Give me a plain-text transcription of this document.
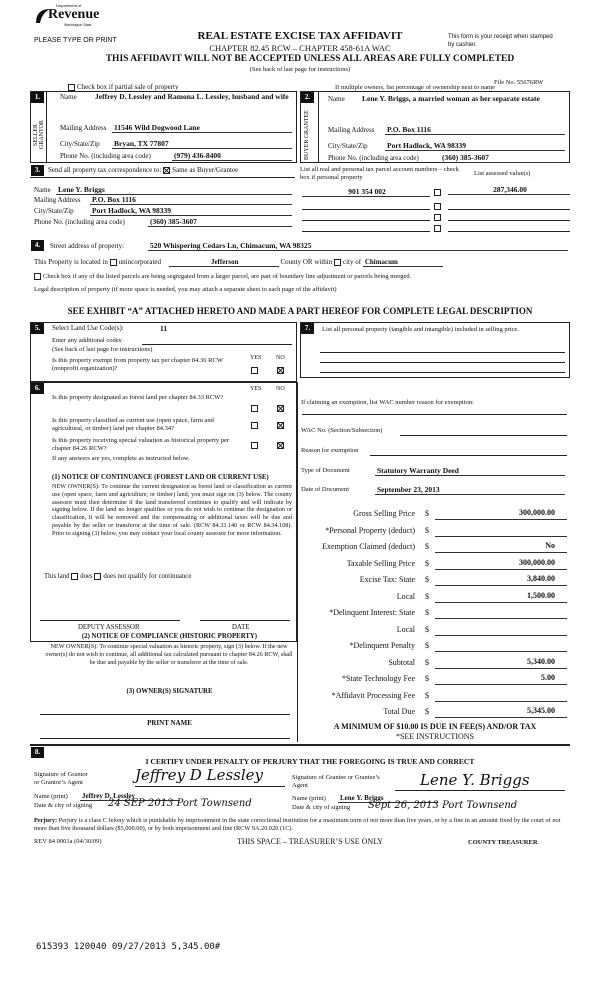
Department of
Revenue
Washington State
PLEASE TYPE OR PRINT	REAL ESTATE EXCISE TAX AFFIDAVIT
CHAPTER 82.45 RCW – CHAPTER 458-61A WAC
THIS AFFIDAVIT WILL NOT BE ACCEPTED UNLESS ALL AREAS ARE FULLY COMPLETED
(See back of last page for instructions)
This form is your receipt when stamped by cashier.
Check box if partial sale of property	If multiple owners, list percentage of ownership next to name
File No. 55676RW
1.
SELLER GRANTOR
Name Jeffrey D. Lessley and Ramona L. Lessley, husband and wife
Mailing Address 11546 Wild Dogwood Lane
City/State/Zip Bryan, TX 77807
Phone No. (including area code)	(979) 436-8400
2.
BUYER GRANTEE
Name Lene Y. Briggs, a married woman as her separate estate
Mailing Address P.O. Box 1116
City/State/Zip	Port Hadlock, WA 98339
Phone No. (including area code)	(360) 385-3607
3.	Send all property tax correspondence to: Same as Buyer/Grantee
Name Lene Y. Briggs
Mailing Address P.O. Box 1116
City/State/Zip Port Hadlock, WA 98339
Phone No. (including area code)	(360) 385-3607
List all real and personal tax parcel account numbers – check box if personal property
List assessed value(s)
901 354 002	287,346.00
4.	Street address of property:	520 Whispering Cedars Ln, Chimacum, WA 98325
This Property is located in unincorporated	Jefferson	County OR within city of Chimacum
Check box if any of the listed parcels are being segregated from a larger parcel, are part of boundary line adjustment or parcels being merged.
Legal description of property (if more space is needed, you may attach a separate sheet to each page of the affidavit)
SEE EXHIBIT “A” ATTACHED HERETO AND MADE A PART HEREOF FOR COMPLETE LEGAL DESCRIPTION
5.	Select Land Use Code(s):	11
Enter any additional codes:
(See back of last page for instructions)
Is this property exempt from property tax per chapter 84.36 RCW (nonprofit organization)?
YES NO
7.	List all personal property (tangible and intangible) included in selling price.
6.	YES NO
Is this property designated as forest land per chapter 84.33 RCW?
Is this property classified as current use (open space, farm and agricultural, or timber) land per chapter 84.34?
Is this property receiving special valuation as historical property per chapter 84.26 RCW?
If any answers are yes, complete as instructed below.
(1) NOTICE OF CONTINUANCE (FOREST LAND OR CURRENT USE)
NEW OWNER(S): To continue the current designation as forest land or classification as current use (open space, farm and agriculture, or timber) land, you must sign on (3) below. The county assessor must then determine if the land transferred continues to qualify and will indicate by signing below. If the land no longer qualifies or you do not wish to continue the designation or classification, it will be removed and the compensating or additional taxes will be due and payable by the seller or transferor at the time of sale. (RCW 84.33.140 or RCW 84.34.108). Prior to signing (3) below, you may contact your local county assessor for more information.
This land does does not qualify for continuance
DEPUTY ASSESSOR	DATE
(2) NOTICE OF COMPLIANCE (HISTORIC PROPERTY)
NEW OWNER(S): To continue special valuation as historic property, sign (3) below. If the new owner(s) do not wish to continue, all additional tax calculated pursuant to chapter 84.26 RCW, shall be due and payable by the seller or transferor at the time of sale.
(3) OWNER(S) SIGNATURE
PRINT NAME
If claiming an exemption, list WAC number reason for exemption:
WAC No. (Section/Subsection)
Reason for exemption
Type of Document	Statutory Warranty Deed
Date of Document	September 23, 2013
Gross Selling Price $	300,000.00
*Personal Property (deduct) $
Exemption Claimed (deduct) $	No
Taxable Selling Price $	300,000.00
Excise Tax: State $	3,840.00
Local $	1,500.00
*Delinquent Interest: State $
Local $
*Delinquent Penalty $
Subtotal $	5,340.00
*State Technology Fee $	5.00
*Affidavit Processing Fee $
Total Due $	5,345.00
A MINIMUM OF $10.00 IS DUE IN FEE(S) AND/OR TAX
*SEE INSTRUCTIONS
8.
I CERTIFY UNDER PENALTY OF PERJURY THAT THE FOREGOING IS TRUE AND CORRECT
Signature of Grantor or Grantor’s Agent	Jeffrey D Lessley
Name (print) Jeffrey D. Lessley
Date & city of signing 24 SEP 2013 Port Townsend
Signature of Grantee or Grantee’s Agent	Lene Y. Briggs
Name (print) Lene Y. Briggs
Date & city of signing Sept 26, 2013 Port Townsend
Perjury: Perjury is a class C felony which is punishable by imprisonment in the state correctional institution for a maximum term of not more than five years, or by a fine in an amount fixed by the court of not more than five thousand dollars ($5,000.00), or by both imprisonment and fine (RCW 9A.20.020 (1C).
REV 84 0001a (04/30/09)	THIS SPACE – TREASURER’S USE ONLY	COUNTY TREASURER
615393 120040 09/27/2013 5,345.00#
